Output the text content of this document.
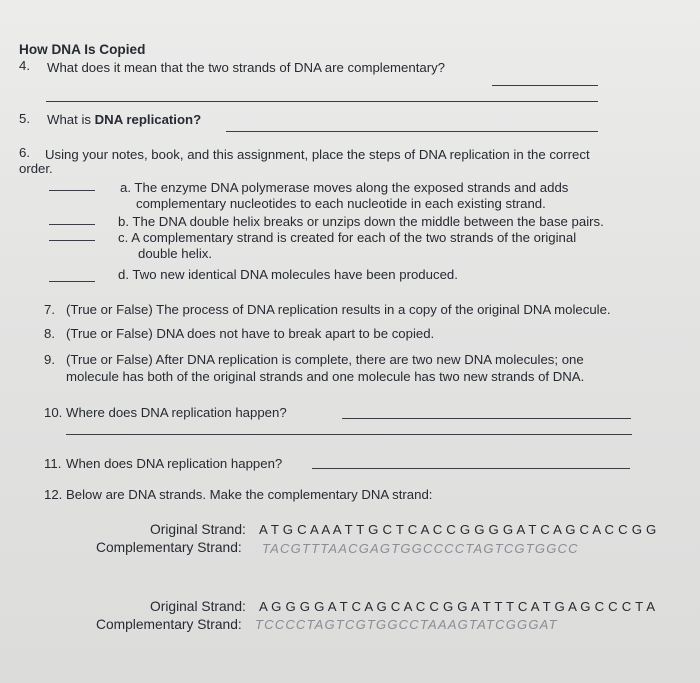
How DNA Is Copied
4. What does it mean that the two strands of DNA are complementary?
5. What is DNA replication?
6. Using your notes, book, and this assignment, place the steps of DNA replication in the correct
order.
a. The enzyme DNA polymerase moves along the exposed strands and adds
complementary nucleotides to each nucleotide in each existing strand.
b. The DNA double helix breaks or unzips down the middle between the base pairs.
c. A complementary strand is created for each of the two strands of the original
double helix.
d. Two new identical DNA molecules have been produced.
7. (True or False) The process of DNA replication results in a copy of the original DNA molecule.
8. (True or False) DNA does not have to break apart to be copied.
9. (True or False) After DNA replication is complete, there are two new DNA molecules; one
molecule has both of the original strands and one molecule has two new strands of DNA.
10. Where does DNA replication happen?
11. When does DNA replication happen?
12. Below are DNA strands. Make the complementary DNA strand:
Original Strand: A T G C A A A T T G C T C A C C G G G G A T C A G C A C C G G
Complementary Strand: TACGTTTAACGAGTGGCCCCTAGTCGTGGCC
Original Strand: A G G G G A T C A G C A C C G G A T T T C A T G A G C C C T A
Complementary Strand: TCCCCTAGTCGTGGCCTAAAGTATCGGGAT
